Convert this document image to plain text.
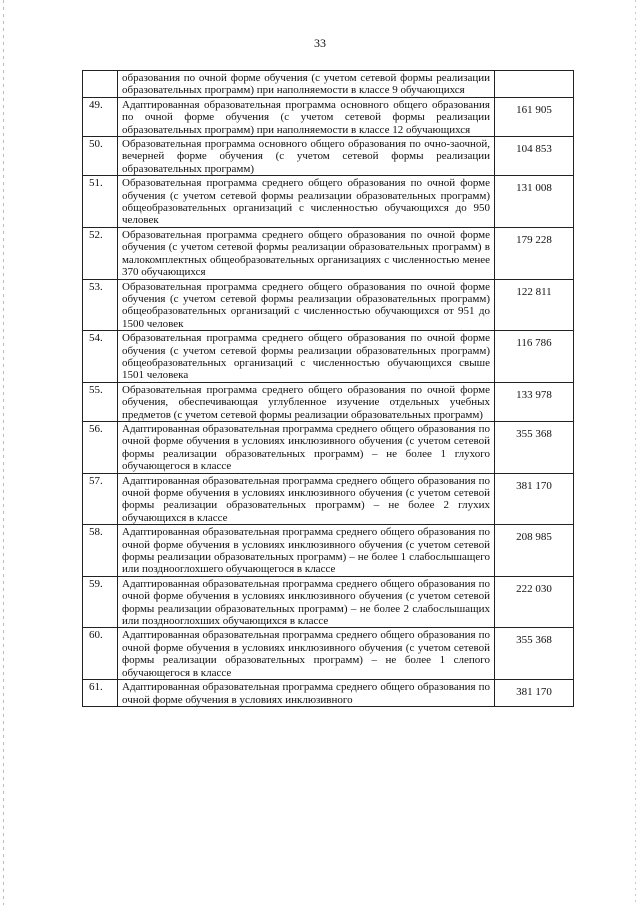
33
	образования по очной форме обучения (с учетом сетевой формы реализации образовательных программ) при наполняемости в классе 9 обучающихся	
49.	Адаптированная образовательная программа основного общего образования по очной форме обучения (с учетом сетевой формы реализации образовательных программ) при наполняемости в классе 12 обучающихся	161 905
50.	Образовательная программа основного общего образования по очно-заочной, вечерней форме обучения (с учетом сетевой формы реализации образовательных программ)	104 853
51.	Образовательная программа среднего общего образования по очной форме обучения (с учетом сетевой формы реализации образовательных программ) общеобразовательных организаций с численностью обучающихся до 950 человек	131 008
52.	Образовательная программа среднего общего образования по очной форме обучения (с учетом сетевой формы реализации образовательных программ) в малокомплектных общеобразовательных организациях с численностью менее 370 обучающихся	179 228
53.	Образовательная программа среднего общего образования по очной форме обучения (с учетом сетевой формы реализации образовательных программ) общеобразовательных организаций с численностью обучающихся от 951 до 1500 человек	122 811
54.	Образовательная программа среднего общего образования по очной форме обучения (с учетом сетевой формы реализации образовательных программ) общеобразовательных организаций с численностью обучающихся свыше 1501 человека	116 786
55.	Образовательная программа среднего общего образования по очной форме обучения, обеспечивающая углубленное изучение отдельных учебных предметов (с учетом сетевой формы реализации образовательных программ)	133 978
56.	Адаптированная образовательная программа среднего общего образования по очной форме обучения в условиях инклюзивного обучения (с учетом сетевой формы реализации образовательных программ) – не более 1 глухого обучающегося в классе	355 368
57.	Адаптированная образовательная программа среднего общего образования по очной форме обучения в условиях инклюзивного обучения (с учетом сетевой формы реализации образовательных программ) – не более 2 глухих обучающихся в классе	381 170
58.	Адаптированная образовательная программа среднего общего образования по очной форме обучения в условиях инклюзивного обучения (с учетом сетевой формы реализации образовательных программ) – не более 1 слабослышащего или позднооглохшего обучающегося в классе	208 985
59.	Адаптированная образовательная программа среднего общего образования по очной форме обучения в условиях инклюзивного обучения (с учетом сетевой формы реализации образовательных программ) – не более 2 слабослышащих или позднооглохших обучающихся в классе	222 030
60.	Адаптированная образовательная программа среднего общего образования по очной форме обучения в условиях инклюзивного обучения (с учетом сетевой формы реализации образовательных программ) – не более 1 слепого обучающегося в классе	355 368
61.	Адаптированная образовательная программа среднего общего образования по очной форме обучения в условиях инклюзивного	381 170
